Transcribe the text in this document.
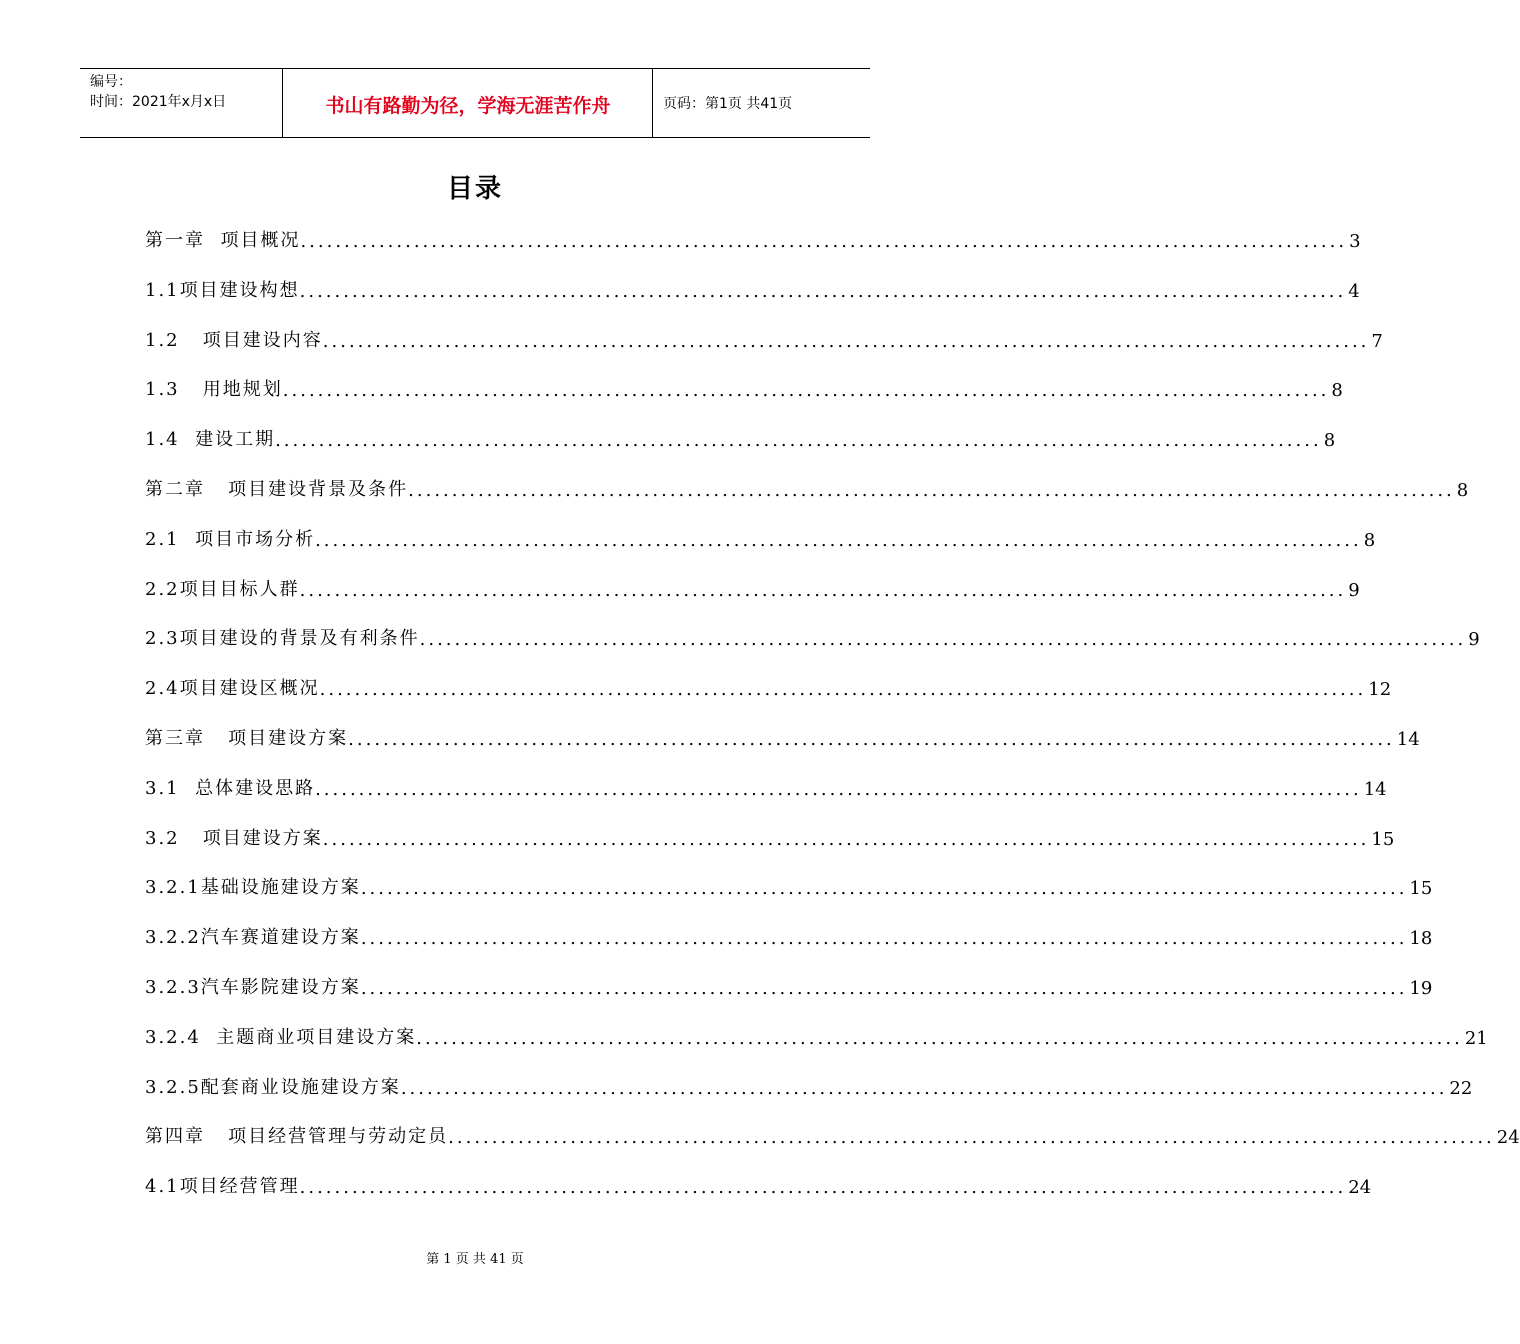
编号：
时间：2021年x月x日	书山有路勤为径，学海无涯苦作舟	页码：第1页 共41页
目录
第一章  项目概况 ........................................................................................................................ 3
1.1项目建设构想 ........................................................................................................................ 4
1.2   项目建设内容 ........................................................................................................................ 7
1.3   用地规划 ........................................................................................................................ 8
1.4  建设工期 ........................................................................................................................ 8
第二章   项目建设背景及条件 ........................................................................................................................ 8
2.1  项目市场分析 ........................................................................................................................ 8
2.2项目目标人群 ........................................................................................................................ 9
2.3项目建设的背景及有利条件 ........................................................................................................................ 9
2.4项目建设区概况 ........................................................................................................................ 12
第三章   项目建设方案 ........................................................................................................................ 14
3.1  总体建设思路 ........................................................................................................................ 14
3.2   项目建设方案 ........................................................................................................................ 15
3.2.1基础设施建设方案 ........................................................................................................................ 15
3.2.2汽车赛道建设方案 ........................................................................................................................ 18
3.2.3汽车影院建设方案 ........................................................................................................................ 19
3.2.4  主题商业项目建设方案 ........................................................................................................................ 21
3.2.5配套商业设施建设方案 ........................................................................................................................ 22
第四章   项目经营管理与劳动定员 ........................................................................................................................ 24
4.1项目经营管理 ........................................................................................................................ 24
第 1 页 共 41 页
